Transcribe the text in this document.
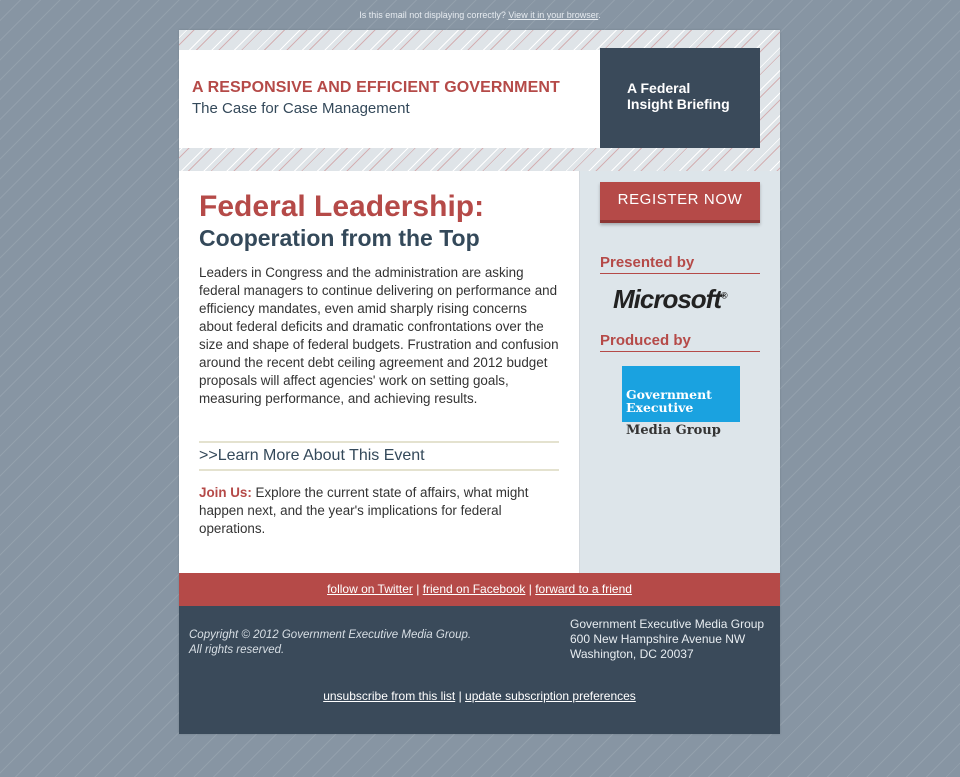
Is this email not displaying correctly? View it in your browser.
A RESPONSIVE AND EFFICIENT GOVERNMENT
The Case for Case Management
A Federal
Insight Briefing
Federal Leadership:
Cooperation from the Top
Leaders in Congress and the administration are asking federal managers to continue delivering on performance and efficiency mandates, even amid sharply rising concerns about federal deficits and dramatic confrontations over the size and shape of federal budgets. Frustration and confusion around the recent debt ceiling agreement and 2012 budget proposals will affect agencies' work on setting goals, measuring performance, and achieving results.
>>Learn More About This Event
Join Us: Explore the current state of affairs, what might happen next, and the year's implications for federal operations.
REGISTER NOW
Presented by
Microsoft®
Produced by
Government
Executive
Media Group
follow on Twitter | friend on Facebook | forward to a friend
Copyright © 2012 Government Executive Media Group.
All rights reserved.
Government Executive Media Group
600 New Hampshire Avenue NW
Washington, DC 20037
unsubscribe from this list | update subscription preferences
